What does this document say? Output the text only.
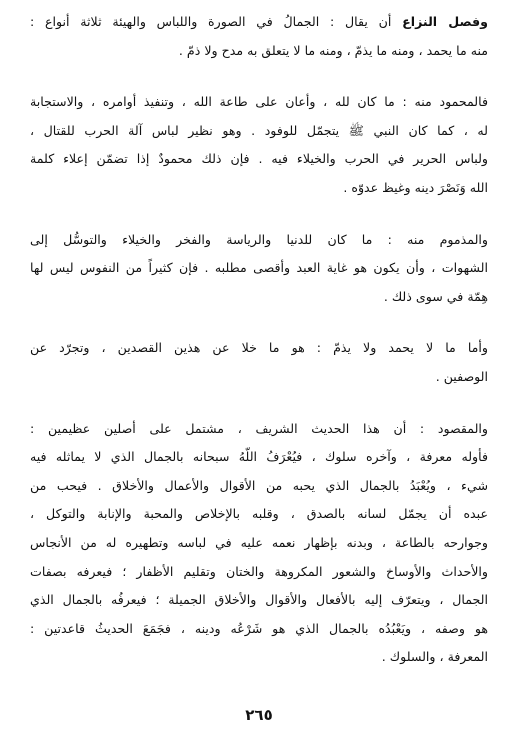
وفصل النزاع أن يقال : الجمالُ في الصورة واللباس والهيئة ثلاثة أنواع :
منه ما يحمد ، ومنه ما يذمّ ، ومنه ما لا يتعلق به مدح ولا ذمّ .

فالمحمود منه : ما كان لله ، وأعان على طاعة الله ، وتنفيذ أوامره ، والاستجابة
له ، كما كان النبي ﷺ يتجمّل للوفود . وهو نظير لباس آلة الحرب للقتال ،
ولباس الحرير في الحرب والخيلاء فيه . فإن ذلك محمودٌ إذا تضمّن إعلاء كلمة
الله وَنَصْرَ دينه وغيظ عدوّه .

والمذموم منه : ما كان للدنيا والرياسة والفخر والخيلاء والتوسُّل إلى
الشهوات ، وأن يكون هو غاية العبد وأقصى مطلبه . فإن كثيراً من النفوس ليس لها
هِمّة في سوى ذلك .

وأما ما لا يحمد ولا يذمّ : هو ما خلا عن هذين القصدين ، وتجرّد عن
الوصفين .

والمقصود : أن هذا الحديث الشريف ، مشتمل على أصلين عظيمين :
فأوله معرفة ، وآخره سلوك ، فيُعْرَفُ اللّهُ سبحانه بالجمال الذي لا يماثله فيه
شيء ، ويُعْبَدُ بالجمال الذي يحبه من الأقوال والأعمال والأخلاق . فيحب من
عبده أن يجمّل لسانه بالصدق ، وقلبه بالإخلاص والمحبة والإنابة والتوكل ،
وجوارحه بالطاعة ، وبدنه بإظهار نعمه عليه في لباسه وتطهيره له من الأنجاس
والأحداث والأوساخ والشعور المكروهة والختان وتقليم الأظفار ؛ فيعرفه بصفات
الجمال ، ويتعرّف إليه بالأفعال والأقوال والأخلاق الجميلة ؛ فيعرفُه بالجمال الذي
هو وصفه ، ويَعْبُدُه بالجمال الذي هو شَرْعُه ودينه ، فجَمَعَ الحديثُ قاعدتين :
المعرفة ، والسلوك .

٢٦٥
